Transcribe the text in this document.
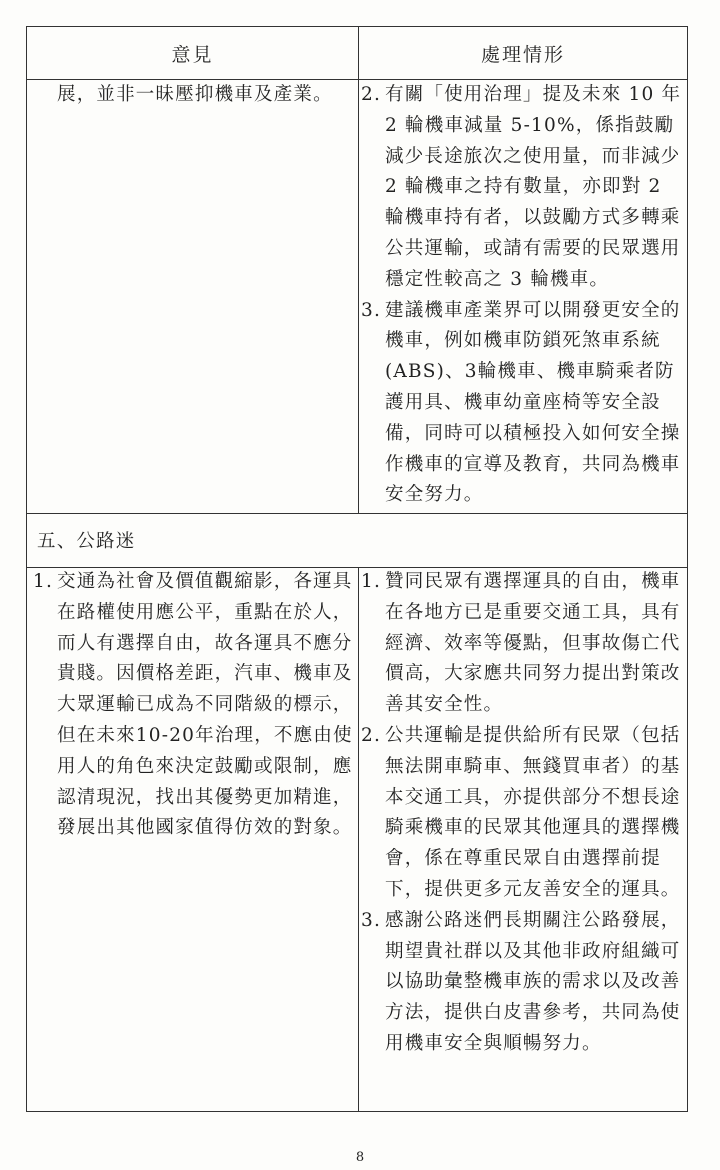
意見	處理情形
展，並非一昧壓抑機車及產業。	2. 有關「使用治理」提及未來 10 年 2 輪機車減量 5-10%，係指鼓勵減少長途旅次之使用量，而非減少 2 輪機車之持有數量，亦即對 2 輪機車持有者，以鼓勵方式多轉乘公共運輸，或請有需要的民眾選用穩定性較高之 3 輪機車。
3. 建議機車產業界可以開發更安全的機車，例如機車防鎖死煞車系統(ABS)、3輪機車、機車騎乘者防護用具、機車幼童座椅等安全設備，同時可以積極投入如何安全操作機車的宣導及教育，共同為機車安全努力。
五、公路迷
1. 交通為社會及價值觀縮影，各運具在路權使用應公平，重點在於人，而人有選擇自由，故各運具不應分貴賤。因價格差距，汽車、機車及大眾運輸已成為不同階級的標示，但在未來10-20年治理，不應由使用人的角色來決定鼓勵或限制，應認清現況，找出其優勢更加精進，發展出其他國家值得仿效的對象。
1. 贊同民眾有選擇運具的自由，機車在各地方已是重要交通工具，具有經濟、效率等優點，但事故傷亡代價高，大家應共同努力提出對策改善其安全性。
2. 公共運輸是提供給所有民眾（包括無法開車騎車、無錢買車者）的基本交通工具，亦提供部分不想長途騎乘機車的民眾其他運具的選擇機會，係在尊重民眾自由選擇前提下，提供更多元友善安全的運具。
3. 感謝公路迷們長期關注公路發展，期望貴社群以及其他非政府組織可以協助彙整機車族的需求以及改善方法，提供白皮書參考，共同為使用機車安全與順暢努力。
8
